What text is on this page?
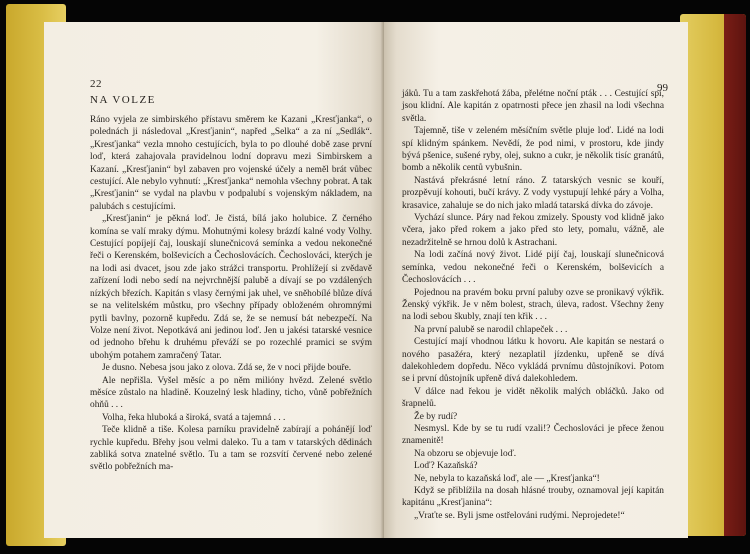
22
NA VOLZE

Ráno vyjela ze simbirského přístavu směrem ke Kazani „Kresťjanka“, o polednách ji následoval „Kresťjanin“, napřed „Selka“ a za ní „Sedlák“. „Kresťjanka“ vezla mnoho cestujících, byla to po dlouhé době zase první loď, která zahajovala pravidelnou lodní dopravu mezi Simbirskem a Kazaní. „Kresťjanin“ byl zabaven pro vojenské účely a neměl brát vůbec cestující. Ale nebylo vyhnutí: „Kresťjanka“ nemohla všechny pobrat. A tak „Kresťjanin“ se vydal na plavbu v podpalubí s vojenským nákladem, na palubách s cestujícími.

„Kresťjanin“ je pěkná loď. Je čistá, bílá jako holubice. Z černého komína se valí mraky dýmu. Mohutnými kolesy brázdí kalné vody Volhy. Cestující popíjejí čaj, louskají slunečnicová semínka a vedou nekonečné řeči o Kerenském, bolševicích a Čechoslovácích. Čechoslováci, kterých je na lodi asi dvacet, jsou zde jako strážci transportu. Prohlížejí si zvědavě zařízení lodi nebo sedí na nejvrchnější palubě a dívají se po vzdálených nízkých březích. Kapitán s vlasy černými jak uhel, ve sněhobílé blůze dívá se na velitelském můstku, pro všechny případy obloženém ohromnými pytli bavlny, pozorně kupředu. Zdá se, že se nemusí bát nebezpečí. Na Volze není život. Nepotkává ani jedinou loď. Jen u jakési tatarské vesnice od jednoho břehu k druhému převáží se po rozechlé pramici se svým ubohým potahem zamračený Tatar.

Je dusno. Nebesa jsou jako z olova. Zdá se, že v noci přijde bouře.

Ale nepřišla. Vyšel měsíc a po něm milióny hvězd. Zelené světlo měsíce zůstalo na hladině. Kouzelný lesk hladiny, ticho, vůně pobřežních ohňů . . .

Volha, řeka hluboká a široká, svatá a tajemná . . .

Teče klidně a tiše. Kolesa parníku pravidelně zabírají a pohánějí loď rychle kupředu. Břehy jsou velmi daleko. Tu a tam v tatarských dědinách zabliká sotva znatelné světlo. Tu a tam se rozsvítí červené nebo zelené světlo pobřežních ma-

99

jáků. Tu a tam zaskřehotá žába, přelétne noční pták . . . Cestující spí, jsou klidní. Ale kapitán z opatrnosti přece jen zhasil na lodi všechna světla.

Tajemně, tiše v zeleném měsíčním světle pluje loď. Lidé na lodi spí klidným spánkem. Nevědí, že pod nimi, v prostoru, kde jindy bývá pšenice, sušené ryby, olej, sukno a cukr, je několik tisíc granátů, bomb a několik centů vybušnin.

Nastává překrásné letní ráno. Z tatarských vesnic se kouří, prozpěvují kohouti, bučí krávy. Z vody vystupují lehké páry a Volha, krasavice, zahaluje se do nich jako mladá tatarská dívka do závoje.

Vychází slunce. Páry nad řekou zmizely. Spousty vod klidně jako včera, jako před rokem a jako před sto lety, pomalu, vážně, ale nezadržitelně se hrnou dolů k Astrachani.

Na lodi začíná nový život. Lidé pijí čaj, louskají slunečnicová semínka, vedou nekonečné řeči o Kerenském, bolševicích a Čechoslovácích . . .

Pojednou na pravém boku první paluby ozve se pronikavý výkřik. Ženský výkřik. Je v něm bolest, strach, úleva, radost. Všechny ženy na lodi sebou škubly, znají ten křik . . .

Na první palubě se narodil chlapeček . . .

Cestující mají vhodnou látku k hovoru. Ale kapitán se nestará o nového pasažéra, který nezaplatil jízdenku, upřeně se dívá dalekohledem dopředu. Něco vykládá prvnímu důstojníkovi. Potom se i první důstojník upřeně dívá dalekohledem.

V dálce nad řekou je vidět několik malých obláčků. Jako od šrapnelů.

Že by rudí?

Nesmysl. Kde by se tu rudí vzali!? Čechoslováci je přece ženou znamenitě!

Na obzoru se objevuje loď.

Loď? Kazaňská?

Ne, nebyla to kazaňská loď, ale — „Kresťjanka“!

Když se přiblížila na dosah hlásné trouby, oznamoval její kapitán kapitánu „Kresťjanina“:

„Vraťte se. Byli jsme ostřelováni rudými. Neprojedete!“
